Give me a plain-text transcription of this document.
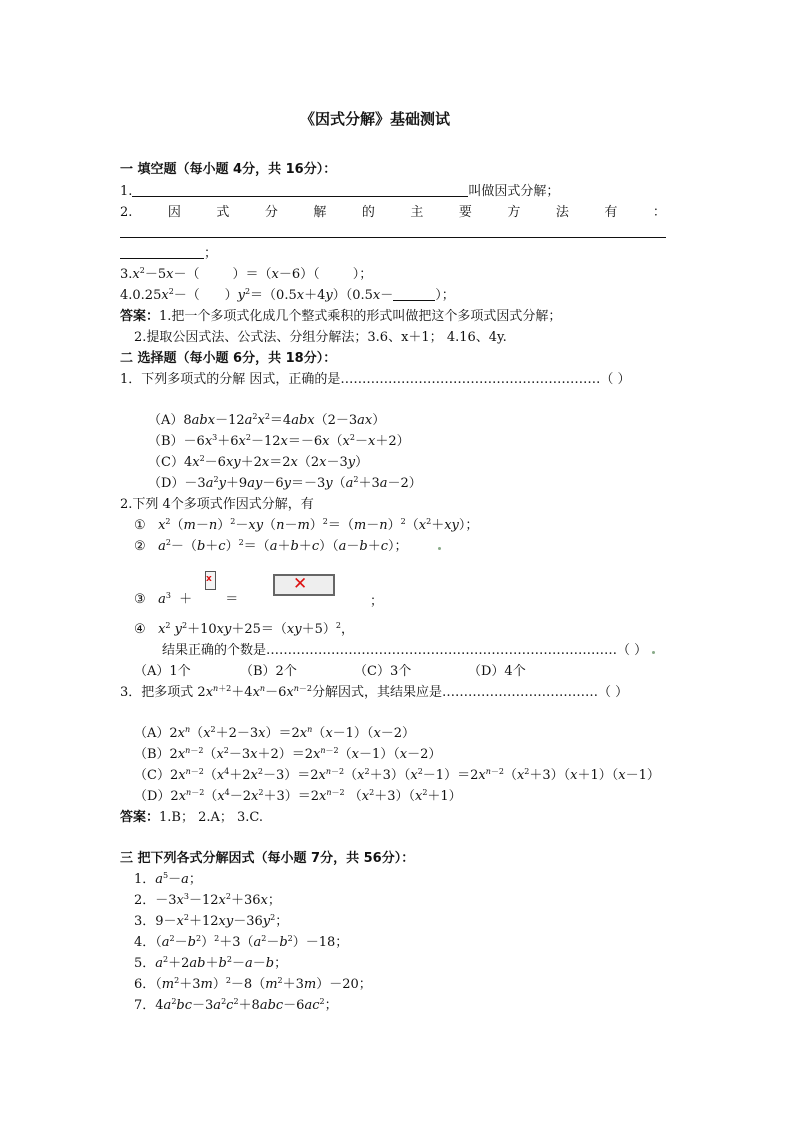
《因式分解》基础测试
一 填空题（每小题 4分，共 16分）：
1.	叫做因式分解；
2.	因	式	分	解	的	主	要	方	法	有	：
；
$3.x^2-5x-$（        ）＝（x－6）（        ）；
$4.0.25x^2-$（      ）$y^2=(0.5x+4y)(0.5x-$	）；
答案：1.把一个多项式化成几个整式乘积的形式叫做把这个多项式因式分解；
2.提取公因式法、公式法、分组分解法；3.6、x＋1； 4.16、4y.
二 选择题（每小题 6分，共 18分）：
1．下列多项式的分解 因式，正确的是……………………………………………………（ ）
$(A)8abx-12a^2x^2=4abx(2-3ax)$
$(B)-6x^3+6x^2-12x=-6x(x^2-x+2)$
$(C)4x^2-6xy+2x=2x(2x-3y)$
$(D)-3a^2y+9ay-6y=-3y(a^2+3a-2)$
2.下列 4个多项式作因式分解，有
①   $x^2(m-n)^2-xy(n-m)^2=(m-n)^2(x^2+xy)$；
②   $a^2-(b+c)^2=(a+b+c)(a-b+c)$；
③   $a^3$  ＋        ＝
x	✕
；
④   $x^2$ $y^2+10xy+25=(xy+5)^2$，
结果正确的个数是………………………………………………………………………（ ）
（A）1个	（B）2个	（C）3个	（D）4个
3．把多项式 $2x^{n+2}+4x^n-6x^{n-2}$分解因式，其结果应是………………………………（ ）
$(A)2x^n(x^2+2-3x)=2x^n(x-1)(x-2)$
$(B)2x^{n-2}(x^2-3x+2)=2x^{n-2}(x-1)(x-2)$
$(C)2x^{n-2}(x^4+2x^2-3)=2x^{n-2}(x^2+3)(x^2-1)=2x^{n-2}(x^2+3)(x+1)(x-1)$
$(D)2x^{n-2}(x^4-2x^2+3)=2x^{n-2}$ $(x^2+3)(x^2+1)$
答案：1.B； 2.A； 3.C.
三 把下列各式分解因式（每小题 7分，共 56分）：
1．$a^5-a$；
2．$-3x^3-12x^2+36x$；
3．$9-x^2+12xy-36y^2$；
4．$(a^2-b^2)^2+3(a^2-b^2)-18$；
5．$a^2+2ab+b^2-a-b$；
6．$(m^2+3m)^2-8(m^2+3m)-20$；
7．$4a^2bc-3a^2c^2+8abc-6ac^2$；
